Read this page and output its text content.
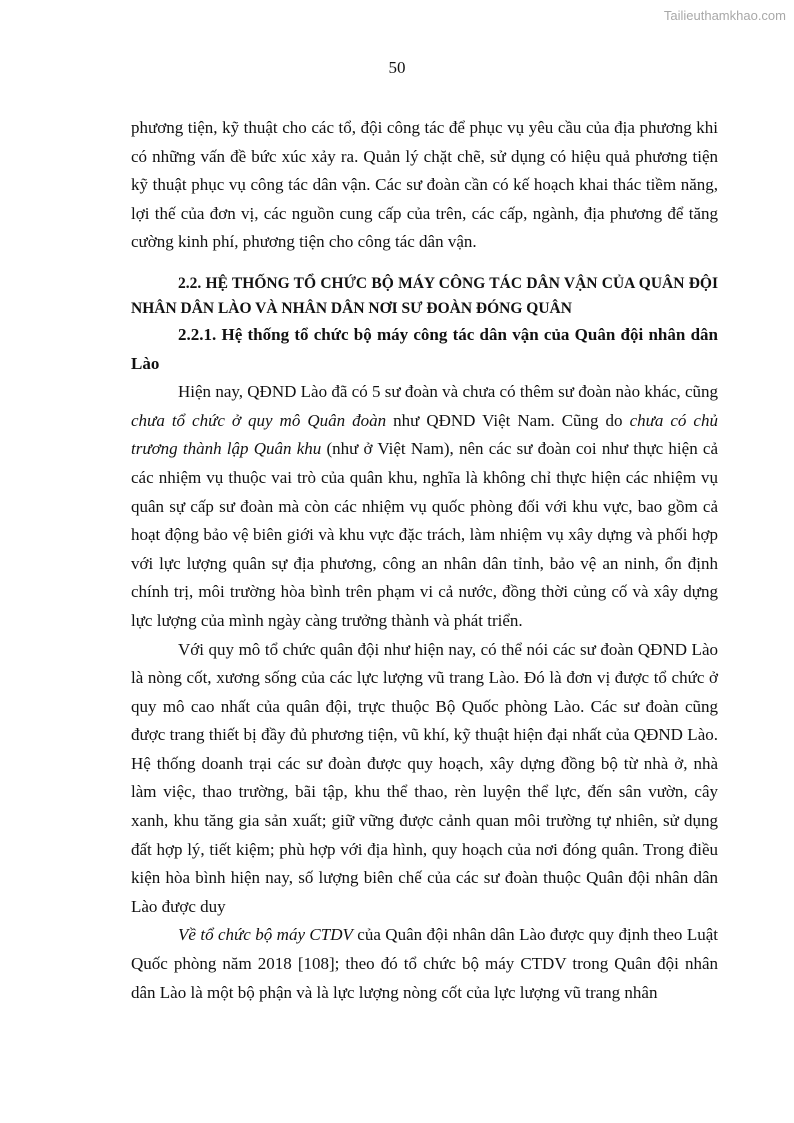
Tailieuthamkhao.com
50

phương tiện, kỹ thuật cho các tổ, đội công tác để phục vụ yêu cầu của địa phương khi có những vấn đề bức xúc xảy ra. Quản lý chặt chẽ, sử dụng có hiệu quả phương tiện kỹ thuật phục vụ công tác dân vận. Các sư đoàn cần có kế hoạch khai thác tiềm năng, lợi thế của đơn vị, các nguồn cung cấp của trên, các cấp, ngành, địa phương để tăng cường kinh phí, phương tiện cho công tác dân vận.

2.2. HỆ THỐNG TỔ CHỨC BỘ MÁY CÔNG TÁC DÂN VẬN CỦA QUÂN ĐỘI NHÂN DÂN LÀO VÀ NHÂN DÂN NƠI SƯ ĐOÀN ĐÓNG QUÂN

2.2.1. Hệ thống tổ chức bộ máy công tác dân vận của Quân đội nhân dân Lào

Hiện nay, QĐND Lào đã có 5 sư đoàn và chưa có thêm sư đoàn nào khác, cũng chưa tổ chức ở quy mô Quân đoàn như QĐND Việt Nam. Cũng do chưa có chủ trương thành lập Quân khu (như ở Việt Nam), nên các sư đoàn coi như thực hiện cả các nhiệm vụ thuộc vai trò của quân khu, nghĩa là không chỉ thực hiện các nhiệm vụ quân sự cấp sư đoàn mà còn các nhiệm vụ quốc phòng đối với khu vực, bao gồm cả hoạt động bảo vệ biên giới và khu vực đặc trách, làm nhiệm vụ xây dựng và phối hợp với lực lượng quân sự địa phương, công an nhân dân tỉnh, bảo vệ an ninh, ổn định chính trị, môi trường hòa bình trên phạm vi cả nước, đồng thời củng cố và xây dựng lực lượng của mình ngày càng trưởng thành và phát triển.

Với quy mô tổ chức quân đội như hiện nay, có thể nói các sư đoàn QĐND Lào là nòng cốt, xương sống của các lực lượng vũ trang Lào. Đó là đơn vị được tổ chức ở quy mô cao nhất của quân đội, trực thuộc Bộ Quốc phòng Lào. Các sư đoàn cũng được trang thiết bị đầy đủ phương tiện, vũ khí, kỹ thuật hiện đại nhất của QĐND Lào. Hệ thống doanh trại các sư đoàn được quy hoạch, xây dựng đồng bộ từ nhà ở, nhà làm việc, thao trường, bãi tập, khu thể thao, rèn luyện thể lực, đến sân vườn, cây xanh, khu tăng gia sản xuất; giữ vững được cảnh quan môi trường tự nhiên, sử dụng đất hợp lý, tiết kiệm; phù hợp với địa hình, quy hoạch của nơi đóng quân. Trong điều kiện hòa bình hiện nay, số lượng biên chế của các sư đoàn thuộc Quân đội nhân dân Lào được duy

Về tổ chức bộ máy CTDV của Quân đội nhân dân Lào được quy định theo Luật Quốc phòng năm 2018 [108]; theo đó tổ chức bộ máy CTDV trong Quân đội nhân dân Lào là một bộ phận và là lực lượng nòng cốt của lực lượng vũ trang nhân
